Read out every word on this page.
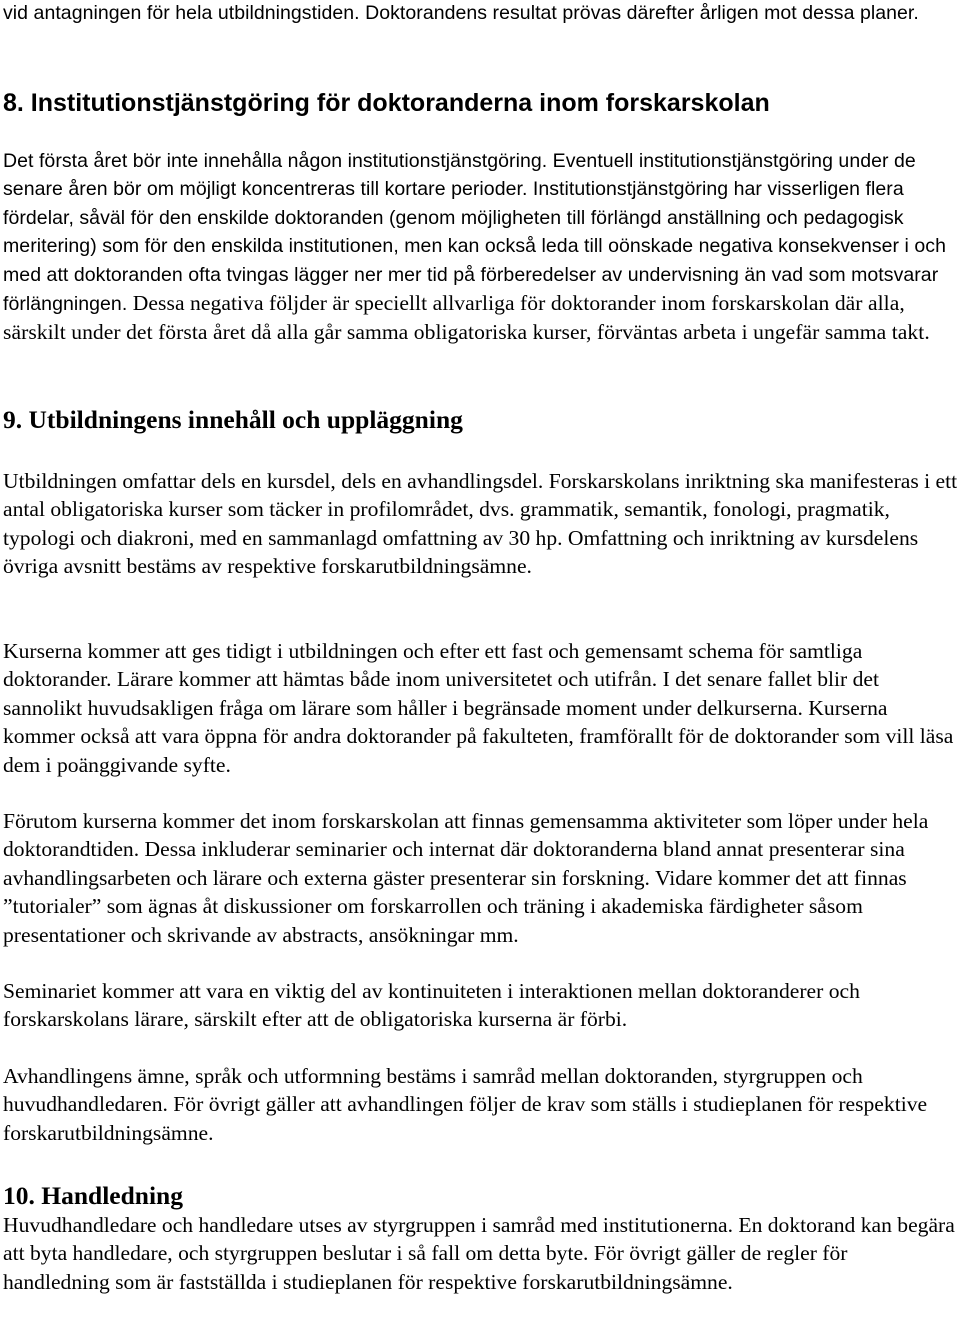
vid antagningen för hela utbildningstiden. Doktorandens resultat prövas därefter årligen mot dessa planer.

8. Institutionstjänstgöring för doktoranderna inom forskarskolan

Det första året bör inte innehålla någon institutionstjänstgöring. Eventuell institutionstjänstgöring under de senare åren bör om möjligt koncentreras till kortare perioder. Institutionstjänstgöring har visserligen flera fördelar, såväl för den enskilde doktoranden (genom möjligheten till förlängd anställning och pedagogisk meritering) som för den enskilda institutionen, men kan också leda till oönskade negativa konsekvenser i och med att doktoranden ofta tvingas lägger ner mer tid på förberedelser av undervisning än vad som motsvarar förlängningen. Dessa negativa följder är speciellt allvarliga för doktorander inom forskarskolan där alla, särskilt under det första året då alla går samma obligatoriska kurser, förväntas arbeta i ungefär samma takt.

9. Utbildningens innehåll och uppläggning

Utbildningen omfattar dels en kursdel, dels en avhandlingsdel. Forskarskolans inriktning ska manifesteras i ett antal obligatoriska kurser som täcker in profilområdet, dvs. grammatik, semantik, fonologi, pragmatik, typologi och diakroni, med en sammanlagd omfattning av 30 hp. Omfattning och inriktning av kursdelens övriga avsnitt bestäms av respektive forskarutbildningsämne.

Kurserna kommer att ges tidigt i utbildningen och efter ett fast och gemensamt schema för samtliga doktorander. Lärare kommer att hämtas både inom universitetet och utifrån. I det senare fallet blir det sannolikt huvudsakligen fråga om lärare som håller i begränsade moment under delkurserna. Kurserna kommer också att vara öppna för andra doktorander på fakulteten, framförallt för de doktorander som vill läsa dem i poänggivande syfte.

Förutom kurserna kommer det inom forskarskolan att finnas gemensamma aktiviteter som löper under hela doktorandtiden. Dessa inkluderar seminarier och internat där doktoranderna bland annat presenterar sina avhandlingsarbeten och lärare och externa gäster presenterar sin forskning. Vidare kommer det att finnas ”tutorialer” som ägnas åt diskussioner om forskarrollen och träning i akademiska färdigheter såsom presentationer och skrivande av abstracts, ansökningar mm.

Seminariet kommer att vara en viktig del av kontinuiteten i interaktionen mellan doktoranderer och forskarskolans lärare, särskilt efter att de obligatoriska kurserna är förbi.

Avhandlingens ämne, språk och utformning bestäms i samråd mellan doktoranden, styrgruppen och huvudhandledaren. För övrigt gäller att avhandlingen följer de krav som ställs i studieplanen för respektive forskarutbildningsämne.

10. Handledning

Huvudhandledare och handledare utses av styrgruppen i samråd med institutionerna. En doktorand kan begära att byta handledare, och styrgruppen beslutar i så fall om detta byte. För övrigt gäller de regler för handledning som är fastställda i studieplanen för respektive forskarutbildningsämne.
